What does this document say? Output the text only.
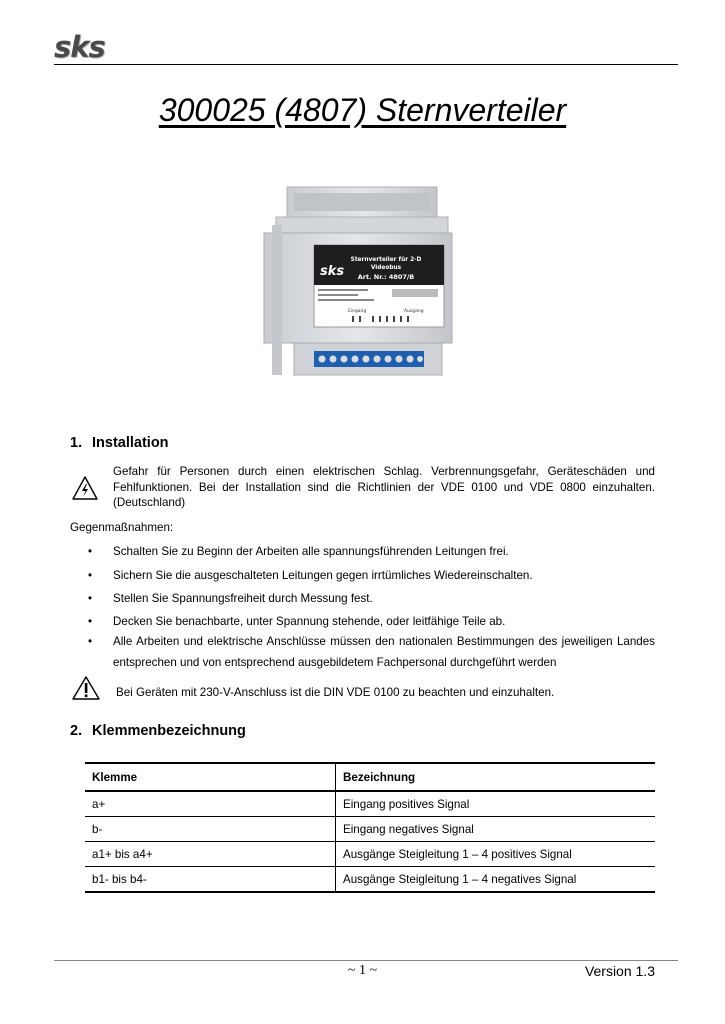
sks
300025 (4807) Sternverteiler
sks
Sternverteiler für 2-D
Videobus
Art. Nr.: 4807/B
Eingang	Ausgang
1. Installation
Gefahr für Personen durch einen elektrischen Schlag. Verbrennungsgefahr, Geräteschäden und Fehlfunktionen. Bei der Installation sind die Richtlinien der VDE 0100 und VDE 0800 einzuhalten. (Deutschland)
Gegenmaßnahmen:
• Schalten Sie zu Beginn der Arbeiten alle spannungsführenden Leitungen frei.
• Sichern Sie die ausgeschalteten Leitungen gegen irrtümliches Wiedereinschalten.
• Stellen Sie Spannungsfreiheit durch Messung fest.
• Decken Sie benachbarte, unter Spannung stehende, oder leitfähige Teile ab.
• Alle Arbeiten und elektrische Anschlüsse müssen den nationalen Bestimmungen des jeweiligen Landes entsprechen und von entsprechend ausgebildetem Fachpersonal durchgeführt werden
Bei Geräten mit 230-V-Anschluss ist die DIN VDE 0100 zu beachten und einzuhalten.
2. Klemmenbezeichnung
Klemme	Bezeichnung
a+	Eingang positives Signal
b-	Eingang negatives Signal
a1+ bis a4+	Ausgänge Steigleitung 1 – 4 positives Signal
b1- bis b4-	Ausgänge Steigleitung 1 – 4 negatives Signal
~ 1 ~	Version 1.3
